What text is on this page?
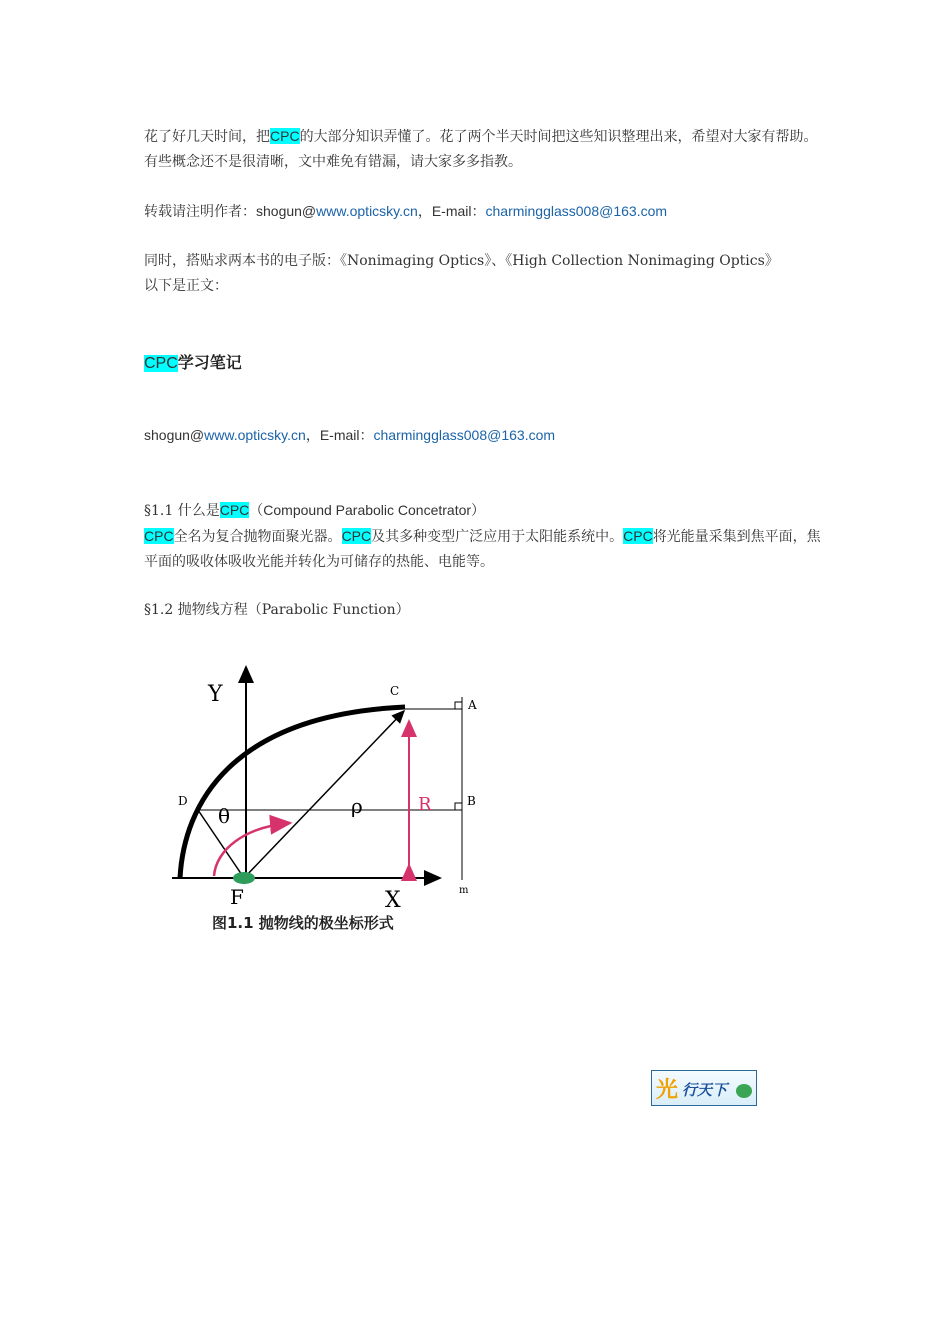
花了好几天时间，把CPC的大部分知识弄懂了。花了两个半天时间把这些知识整理出来，希望对大家有帮助。有些概念还不是很清晰，文中难免有错漏，请大家多多指教。
转载请注明作者：shogun@www.opticsky.cn，E-mail：charmingglass008@163.com
同时，搭贴求两本书的电子版：《Nonimaging Optics》、《High Collection Nonimaging Optics》
以下是正文：
CPC学习笔记
shogun@www.opticsky.cn，E-mail：charmingglass008@163.com
§1.1 什么是CPC（Compound Parabolic Concetrator）
CPC全名为复合抛物面聚光器。CPC及其多种变型广泛应用于太阳能系统中。CPC将光能量采集到焦平面，焦平面的吸收体吸收光能并转化为可储存的热能、电能等。
§1.2 抛物线方程（Parabolic Function）
Y
X
C
A
B
D
θ	ρ	R
F	m
图1.1 抛物线的极坐标形式
光 行天下
